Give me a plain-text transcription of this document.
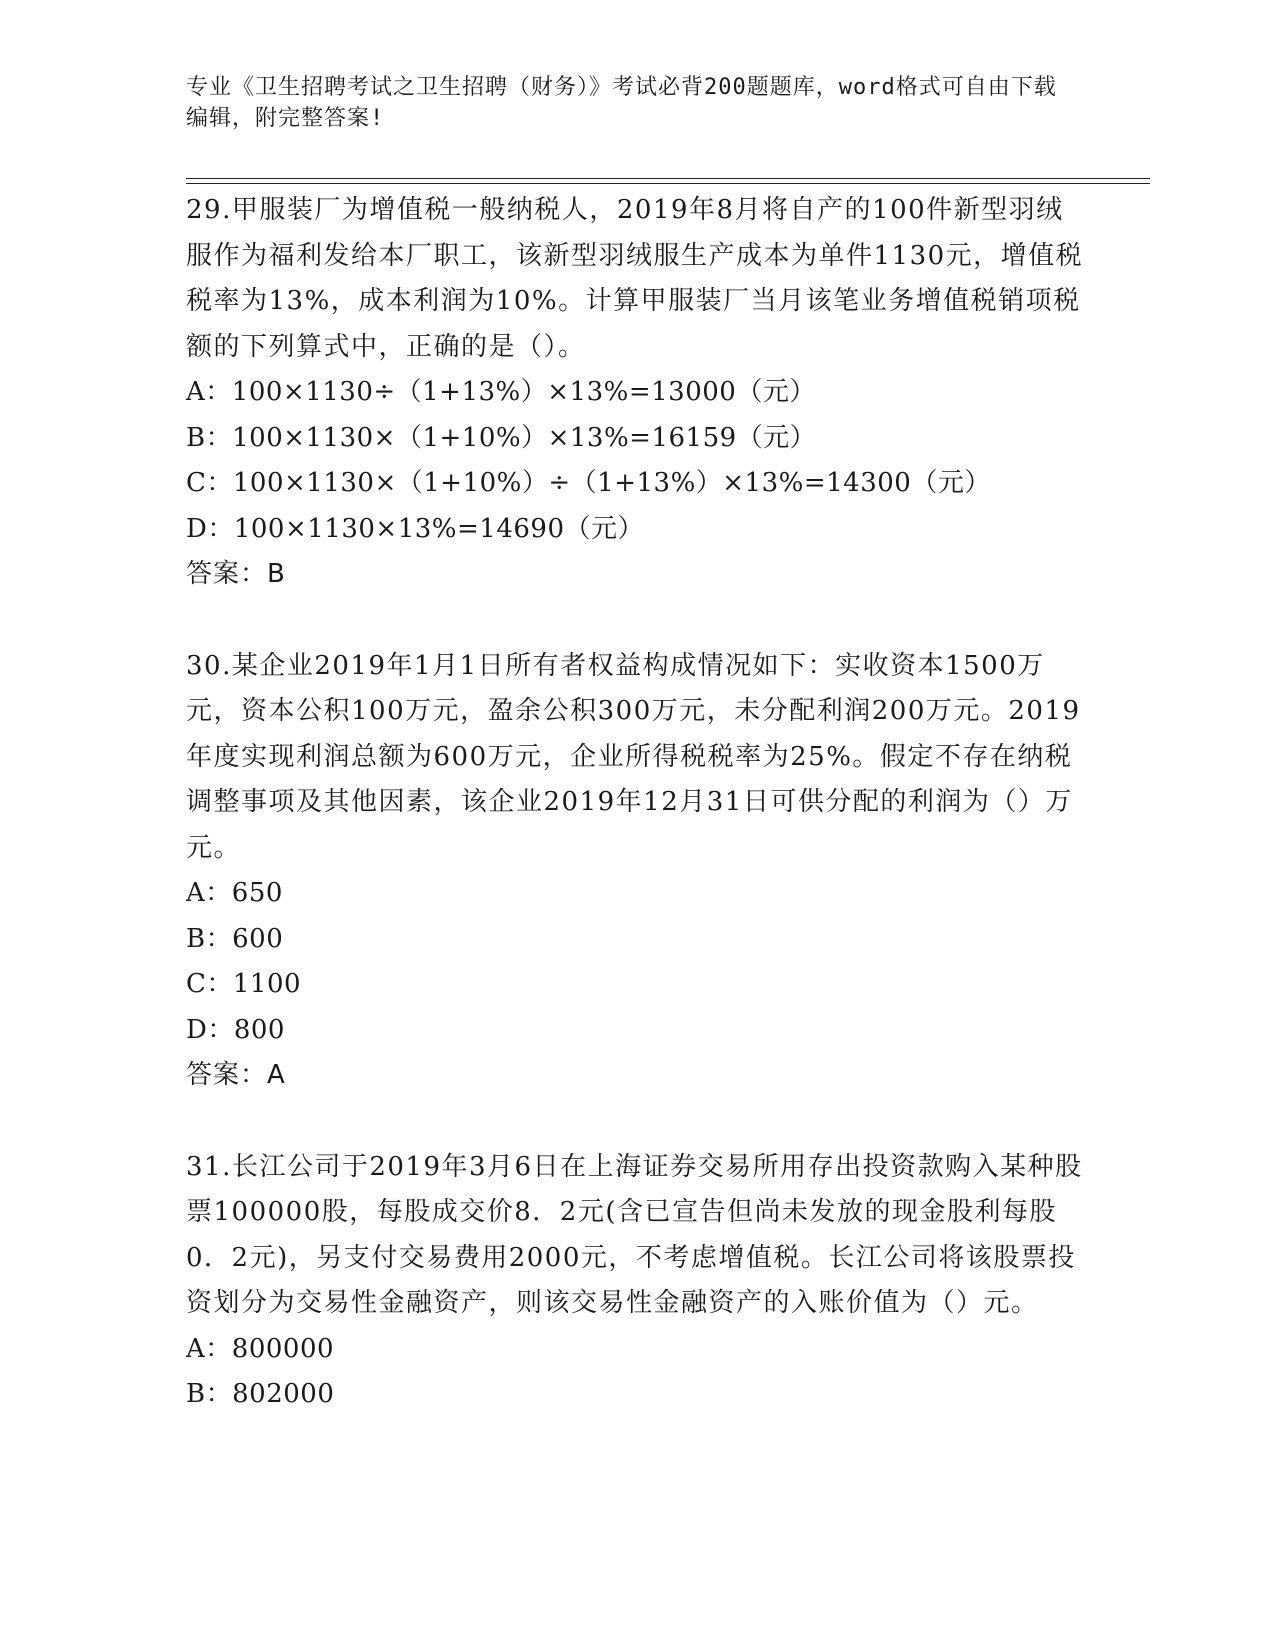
专业《卫生招聘考试之卫生招聘（财务）》考试必背200题题库，word格式可自由下载编辑，附完整答案!

29.甲服装厂为增值税一般纳税人，2019年8月将自产的100件新型羽绒服作为福利发给本厂职工，该新型羽绒服生产成本为单件1130元，增值税税率为13%，成本利润为10%。计算甲服装厂当月该笔业务增值税销项税额的下列算式中，正确的是（）。

A：100×1130÷（1+13%）×13%=13000（元）

B：100×1130×（1+10%）×13%=16159（元）

C：100×1130×（1+10%）÷（1+13%）×13%=14300（元）

D：100×1130×13%=14690（元）

答案：B

30.某企业2019年1月1日所有者权益构成情况如下：实收资本1500万元，资本公积100万元，盈余公积300万元，未分配利润200万元。2019年度实现利润总额为600万元，企业所得税税率为25%。假定不存在纳税调整事项及其他因素，该企业2019年12月31日可供分配的利润为（）万元。

A：650

B：600

C：1100

D：800

答案：A

31.长江公司于2019年3月6日在上海证券交易所用存出投资款购入某种股票100000股，每股成交价8．2元(含已宣告但尚未发放的现金股利每股0．2元)，另支付交易费用2000元，不考虑增值税。长江公司将该股票投资划分为交易性金融资产，则该交易性金融资产的入账价值为（）元。

A：800000

B：802000
